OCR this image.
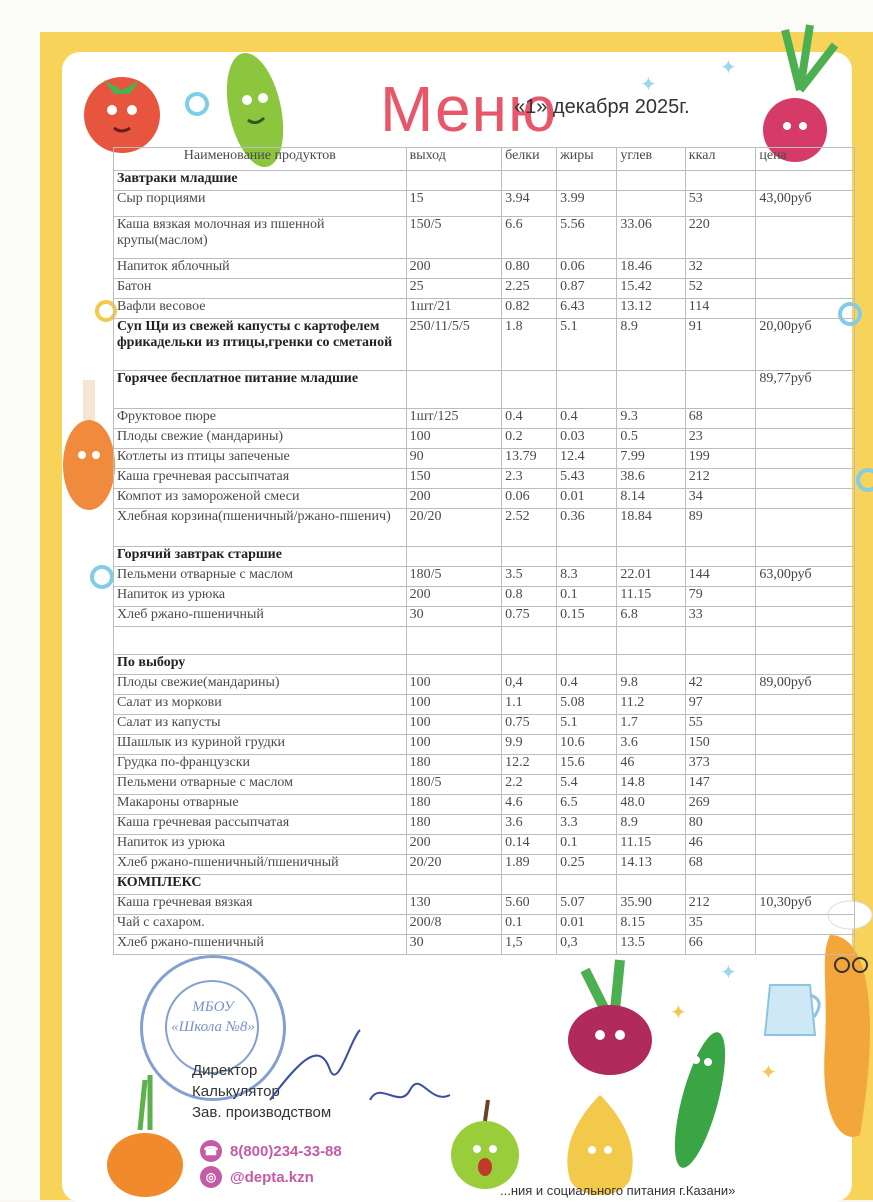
✦
✦
✦
✦
✦
Меню
«1» декабря 2025г.
Наименование продуктов	выход	белки	жиры	углев	ккал	цена
Завтраки младшие						
Сыр порциями	15	3.94	3.99		53	43,00руб
Каша вязкая молочная из пшенной крупы(маслом)	150/5	6.6	5.56	33.06	220	
Напиток яблочный	200	0.80	0.06	18.46	32	
Батон	25	2.25	0.87	15.42	52	
Вафли весовое	1шт/21	0.82	6.43	13.12	114	
Суп Щи из свежей капусты с картофелем фрикадельки из птицы,гренки со сметаной	250/11/5/5	1.8	5.1	8.9	91	20,00руб
Горячее бесплатное питание младшие						89,77руб
Фруктовое пюре	1шт/125	0.4	0.4	9.3	68	
Плоды свежие (мандарины)	100	0.2	0.03	0.5	23	
Котлеты из птицы запеченые	90	13.79	12.4	7.99	199	
Каша гречневая рассыпчатая	150	2.3	5.43	38.6	212	
Компот из замороженой смеси	200	0.06	0.01	8.14	34	
Хлебная корзина(пшеничный/ржано-пшенич)	20/20	2.52	0.36	18.84	89	
Горячий завтрак старшие						
Пельмени отварные с маслом	180/5	3.5	8.3	22.01	144	63,00руб
Напиток из урюка	200	0.8	0.1	11.15	79	
Хлеб ржано-пшеничный	30	0.75	0.15	6.8	33	

По выбору						
Плоды свежие(мандарины)	100	0,4	0.4	9.8	42	89,00руб
Салат из моркови	100	1.1	5.08	11.2	97	
Салат из капусты	100	0.75	5.1	1.7	55	
Шашлык из куриной грудки	100	9.9	10.6	3.6	150	
Грудка по-французски	180	12.2	15.6	46	373	
Пельмени отварные с маслом	180/5	2.2	5.4	14.8	147	
Макароны отварные	180	4.6	6.5	48.0	269	
Каша гречневая рассыпчатая	180	3.6	3.3	8.9	80	
Напиток из урюка	200	0.14	0.1	11.15	46	
Хлеб ржано-пшеничный/пшеничный	20/20	1.89	0.25	14.13	68	
КОМПЛЕКС						
Каша гречневая вязкая	130	5.60	5.07	35.90	212	10,30руб
Чай с сахаром.	200/8	0.1	0.01	8.15	35	
Хлеб ржано-пшеничный	30	1,5	0,3	13.5	66	
МБОУ
«Школа №8»
Директор
Калькулятор
Зав. производством
☎ 8(800)234-33-88
◎ @depta.kzn
...ния и социального питания г.Казани»
